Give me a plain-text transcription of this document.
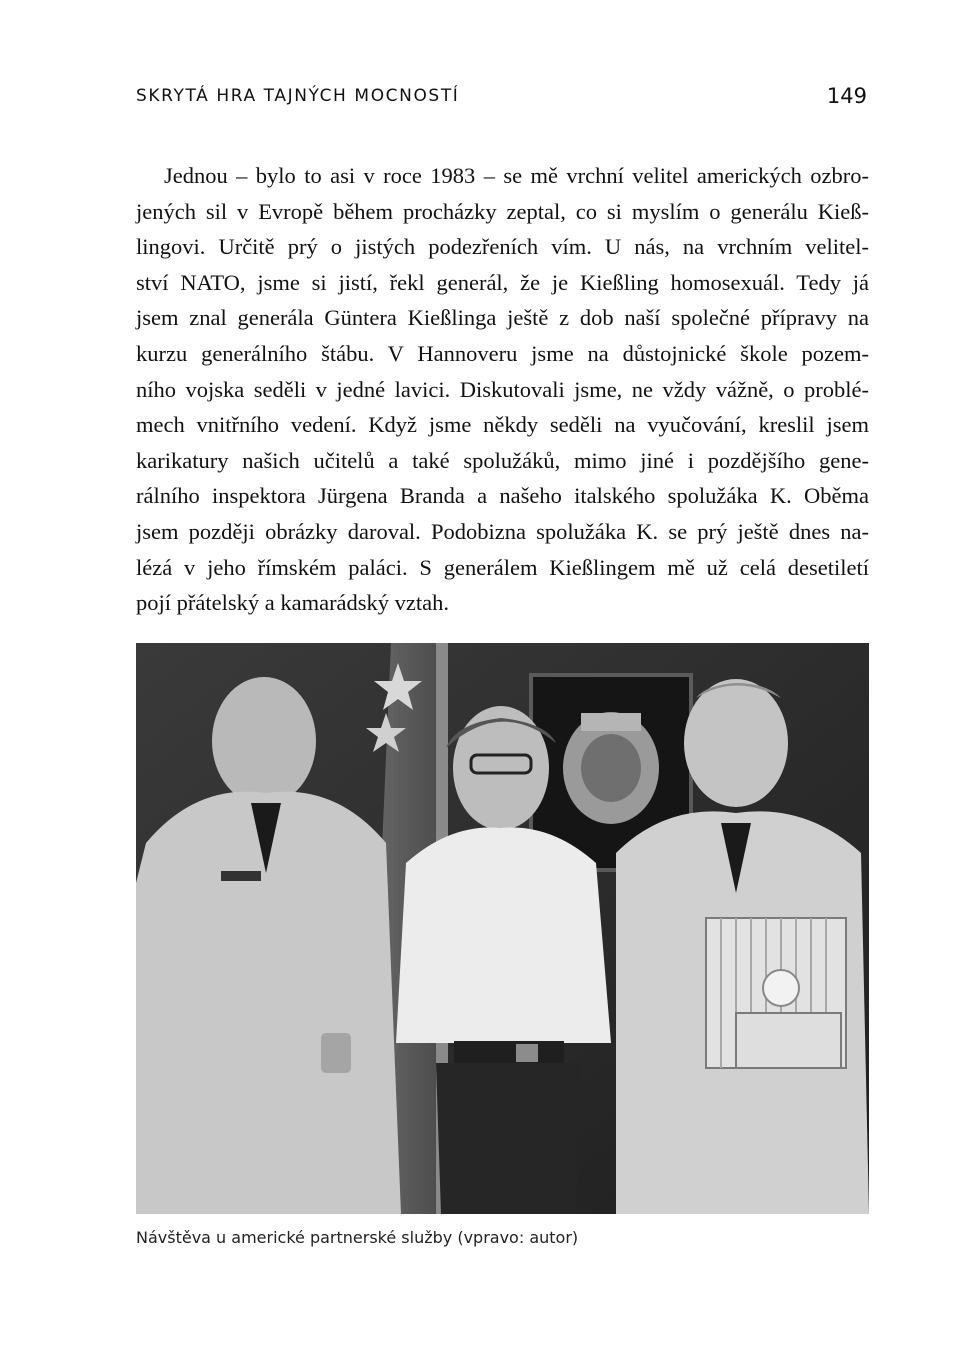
SKRYTÁ HRA TAJNÝCH MOCNOSTÍ	149
Jednou – bylo to asi v roce 1983 – se mě vrchní velitel amerických ozbro-
jených sil v Evropě během procházky zeptal, co si myslím o generálu Kieß-
lingovi. Určitě prý o jistých podezřeních vím. U nás, na vrchním velitel-
ství NATO, jsme si jistí, řekl generál, že je Kießling homosexuál. Tedy já
jsem znal generála Güntera Kießlinga ještě z dob naší společné přípravy na
kurzu generálního štábu. V Hannoveru jsme na důstojnické škole pozem-
ního vojska seděli v jedné lavici. Diskutovali jsme, ne vždy vážně, o problé-
mech vnitřního vedení. Když jsme někdy seděli na vyučování, kreslil jsem
karikatury našich učitelů a také spolužáků, mimo jiné i pozdějšího gene-
rálního inspektora Jürgena Branda a našeho italského spolužáka K. Oběma
jsem později obrázky daroval. Podobizna spolužáka K. se prý ještě dnes na-
lézá v jeho římském paláci. S generálem Kießlingem mě už celá desetiletí
pojí přátelský a kamarádský vztah.
Návštěva u americké partnerské služby (vpravo: autor)
